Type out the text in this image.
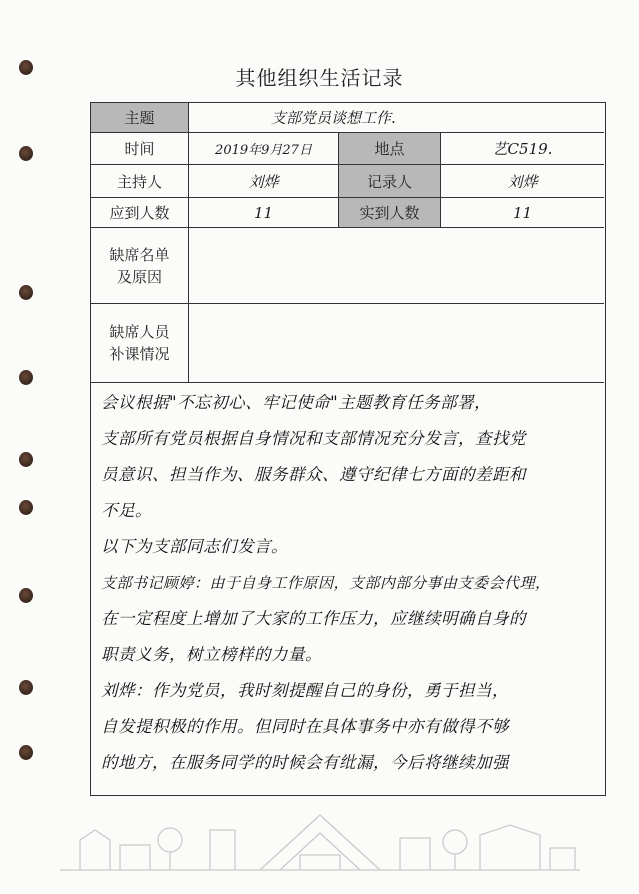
其他组织生活记录
主题	支部党员谈想工作.
时间	2019年9月27日	地点	艺C519.
主持人	刘烨	记录人	刘烨
应到人数	11	实到人数	11
缺席名单
及原因
缺席人员
补课情况
会议根据"不忘初心、牢记使命"主题教育任务部署，
支部所有党员根据自身情况和支部情况充分发言，查找党
员意识、担当作为、服务群众、遵守纪律七方面的差距和
不足。
以下为支部同志们发言。
支部书记顾婷：由于自身工作原因，支部内部分事由支委会代理，
在一定程度上增加了大家的工作压力，应继续明确自身的
职责义务，树立榜样的力量。
刘烨：作为党员，我时刻提醒自己的身份，勇于担当，
自发提积极的作用。但同时在具体事务中亦有做得不够
的地方，在服务同学的时候会有纰漏，今后将继续加强
